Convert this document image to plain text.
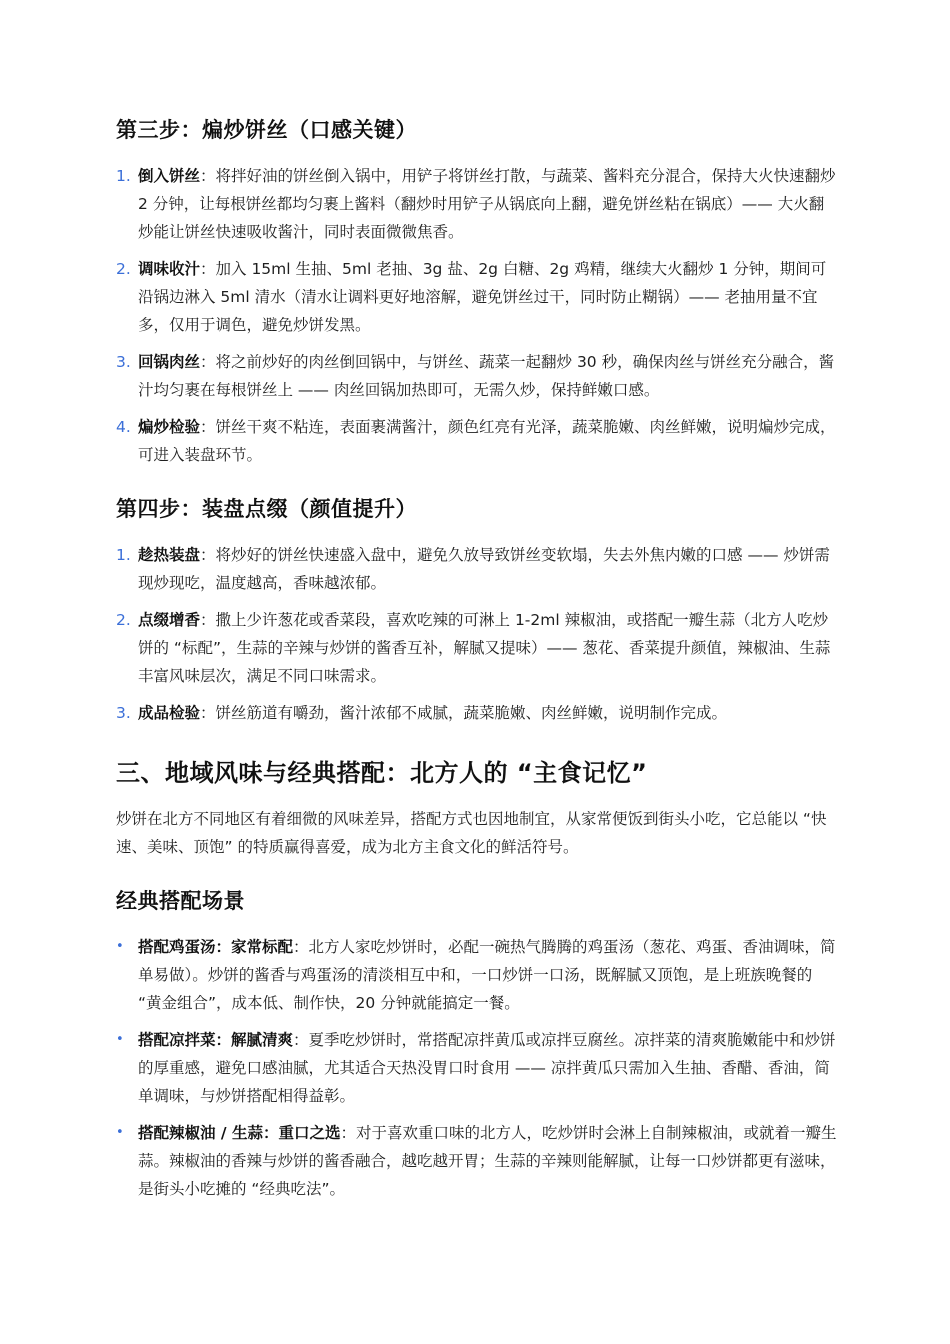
第三步：煸炒饼丝（口感关键）
1. 倒入饼丝：将拌好油的饼丝倒入锅中，用铲子将饼丝打散，与蔬菜、酱料充分混合，保持大火快速翻炒 2 分钟，让每根饼丝都均匀裹上酱料（翻炒时用铲子从锅底向上翻，避免饼丝粘在锅底）—— 大火翻炒能让饼丝快速吸收酱汁，同时表面微微焦香。
2. 调味收汁：加入 15ml 生抽、5ml 老抽、3g 盐、2g 白糖、2g 鸡精，继续大火翻炒 1 分钟，期间可沿锅边淋入 5ml 清水（清水让调料更好地溶解，避免饼丝过干，同时防止糊锅）—— 老抽用量不宜多，仅用于调色，避免炒饼发黑。
3. 回锅肉丝：将之前炒好的肉丝倒回锅中，与饼丝、蔬菜一起翻炒 30 秒，确保肉丝与饼丝充分融合，酱汁均匀裹在每根饼丝上 —— 肉丝回锅加热即可，无需久炒，保持鲜嫩口感。
4. 煸炒检验：饼丝干爽不粘连，表面裹满酱汁，颜色红亮有光泽，蔬菜脆嫩、肉丝鲜嫩，说明煸炒完成，可进入装盘环节。
第四步：装盘点缀（颜值提升）
1. 趁热装盘：将炒好的饼丝快速盛入盘中，避免久放导致饼丝变软塌，失去外焦内嫩的口感 —— 炒饼需现炒现吃，温度越高，香味越浓郁。
2. 点缀增香：撒上少许葱花或香菜段，喜欢吃辣的可淋上 1-2ml 辣椒油，或搭配一瓣生蒜（北方人吃炒饼的 “标配”，生蒜的辛辣与炒饼的酱香互补，解腻又提味）—— 葱花、香菜提升颜值，辣椒油、生蒜丰富风味层次，满足不同口味需求。
3. 成品检验：饼丝筋道有嚼劲，酱汁浓郁不咸腻，蔬菜脆嫩、肉丝鲜嫩，说明制作完成。
三、地域风味与经典搭配：北方人的 “主食记忆”

炒饼在北方不同地区有着细微的风味差异，搭配方式也因地制宜，从家常便饭到街头小吃，它总能以 “快速、美味、顶饱” 的特质赢得喜爱，成为北方主食文化的鲜活符号。

经典搭配场景
• 搭配鸡蛋汤：家常标配：北方人家吃炒饼时，必配一碗热气腾腾的鸡蛋汤（葱花、鸡蛋、香油调味，简单易做）。炒饼的酱香与鸡蛋汤的清淡相互中和，一口炒饼一口汤，既解腻又顶饱，是上班族晚餐的 “黄金组合”，成本低、制作快，20 分钟就能搞定一餐。
• 搭配凉拌菜：解腻清爽：夏季吃炒饼时，常搭配凉拌黄瓜或凉拌豆腐丝。凉拌菜的清爽脆嫩能中和炒饼的厚重感，避免口感油腻，尤其适合天热没胃口时食用 —— 凉拌黄瓜只需加入生抽、香醋、香油，简单调味，与炒饼搭配相得益彰。
• 搭配辣椒油 / 生蒜：重口之选：对于喜欢重口味的北方人，吃炒饼时会淋上自制辣椒油，或就着一瓣生蒜。辣椒油的香辣与炒饼的酱香融合，越吃越开胃；生蒜的辛辣则能解腻，让每一口炒饼都更有滋味，是街头小吃摊的 “经典吃法”。
